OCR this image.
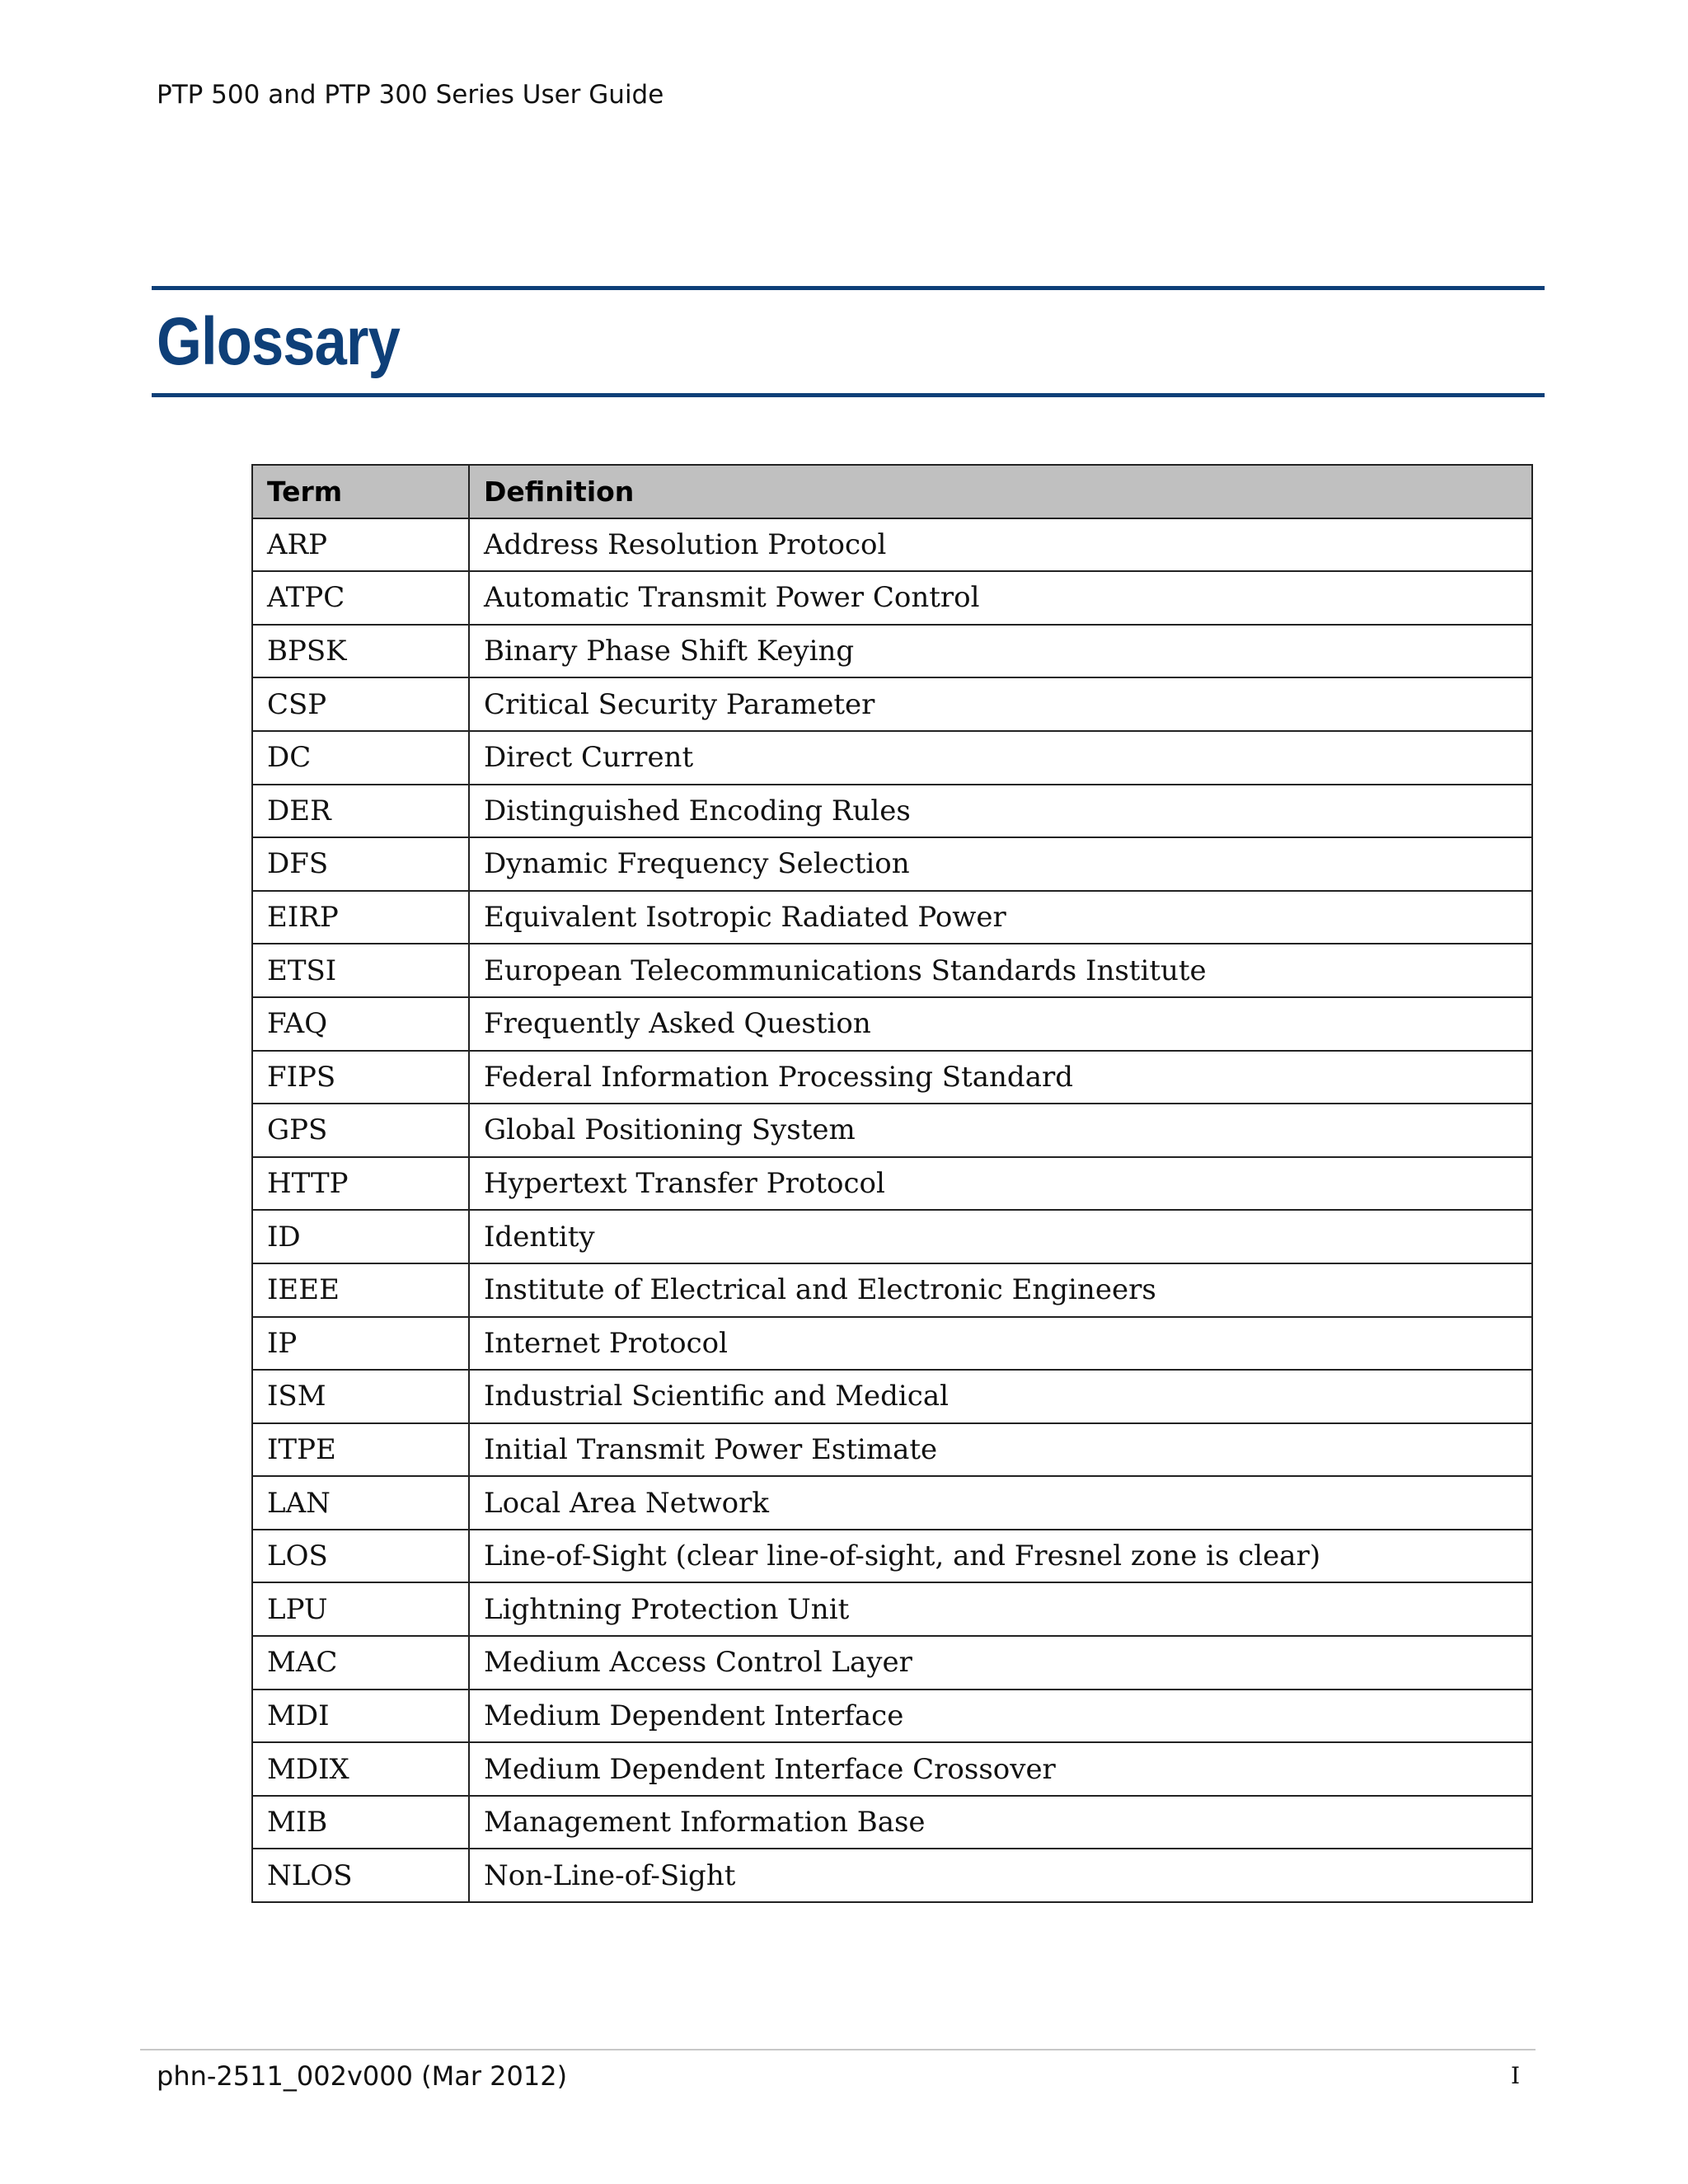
PTP 500 and PTP 300 Series User Guide
Glossary
Term	Definition
ARP	Address Resolution Protocol
ATPC	Automatic Transmit Power Control
BPSK	Binary Phase Shift Keying
CSP	Critical Security Parameter
DC	Direct Current
DER	Distinguished Encoding Rules
DFS	Dynamic Frequency Selection
EIRP	Equivalent Isotropic Radiated Power
ETSI	European Telecommunications Standards Institute
FAQ	Frequently Asked Question
FIPS	Federal Information Processing Standard
GPS	Global Positioning System
HTTP	Hypertext Transfer Protocol
ID	Identity
IEEE	Institute of Electrical and Electronic Engineers
IP	Internet Protocol
ISM	Industrial Scientific and Medical
ITPE	Initial Transmit Power Estimate
LAN	Local Area Network
LOS	Line-of-Sight (clear line-of-sight, and Fresnel zone is clear)
LPU	Lightning Protection Unit
MAC	Medium Access Control Layer
MDI	Medium Dependent Interface
MDIX	Medium Dependent Interface Crossover
MIB	Management Information Base
NLOS	Non-Line-of-Sight
phn-2511_002v000 (Mar 2012)	I
